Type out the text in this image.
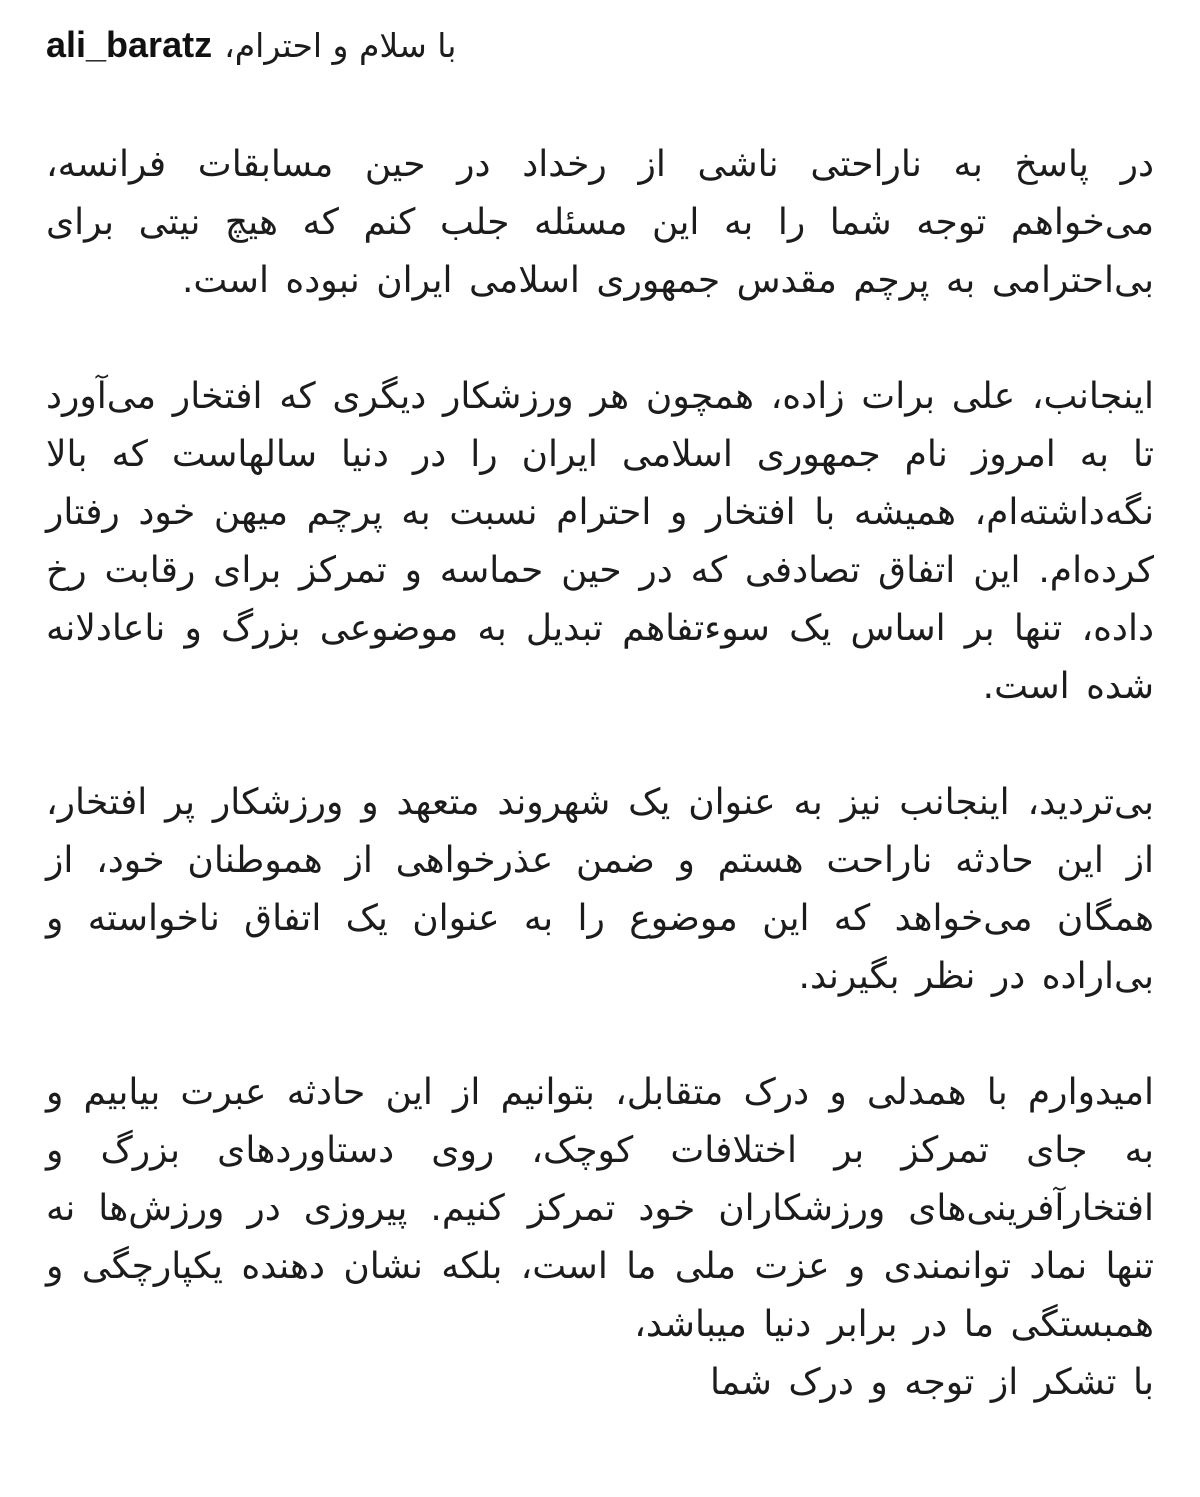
ali_baratz با سلام و احترام،

در پاسخ به ناراحتی ناشی از رخداد در حین مسابقات فرانسه، می‌خواهم توجه شما را به این مسئله جلب کنم که هیچ نیتی برای بی‌احترامی به پرچم مقدس جمهوری اسلامی ایران نبوده است.

اینجانب، علی برات زاده، همچون هر ورزشکار دیگری که افتخار می‌آورد تا به امروز نام جمهوری اسلامی ایران را در دنیا سالهاست که بالا نگه‌داشته‌ام، همیشه با افتخار و احترام نسبت به پرچم میهن خود رفتار کرده‌ام. این اتفاق تصادفی که در حین حماسه و تمرکز برای رقابت رخ داده، تنها بر اساس یک سوءتفاهم تبدیل به موضوعی بزرگ و ناعادلانه شده است.

بی‌تردید، اینجانب نیز به عنوان یک شهروند متعهد و ورزشکار پر افتخار، از این حادثه ناراحت هستم و ضمن عذرخواهی از هموطنان خود، از همگان می‌خواهد که این موضوع را به عنوان یک اتفاق ناخواسته و بی‌اراده در نظر بگیرند.

امیدوارم با همدلی و درک متقابل، بتوانیم از این حادثه عبرت بیابیم و به جای تمرکز بر اختلافات کوچک، روی دستاوردهای بزرگ و افتخارآفرینی‌های ورزشکاران خود تمرکز کنیم. پیروزی در ورزش‌ها نه تنها نماد توانمندی و عزت ملی ما است، بلکه نشان دهنده یکپارچگی و همبستگی ما در برابر دنیا میباشد،

با تشکر از توجه و درک شما
